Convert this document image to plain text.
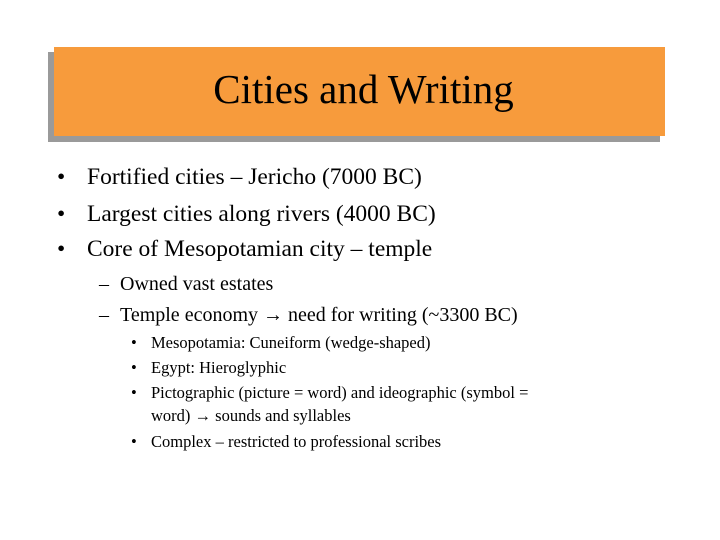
Cities and Writing
• Fortified cities – Jericho (7000 BC)
• Largest cities along rivers (4000 BC)
• Core of Mesopotamian city – temple
– Owned vast estates
– Temple economy → need for writing (~3300 BC)
• Mesopotamia: Cuneiform (wedge-shaped)
• Egypt: Hieroglyphic
• Pictographic (picture = word) and ideographic (symbol =
word) → sounds and syllables
• Complex – restricted to professional scribes
